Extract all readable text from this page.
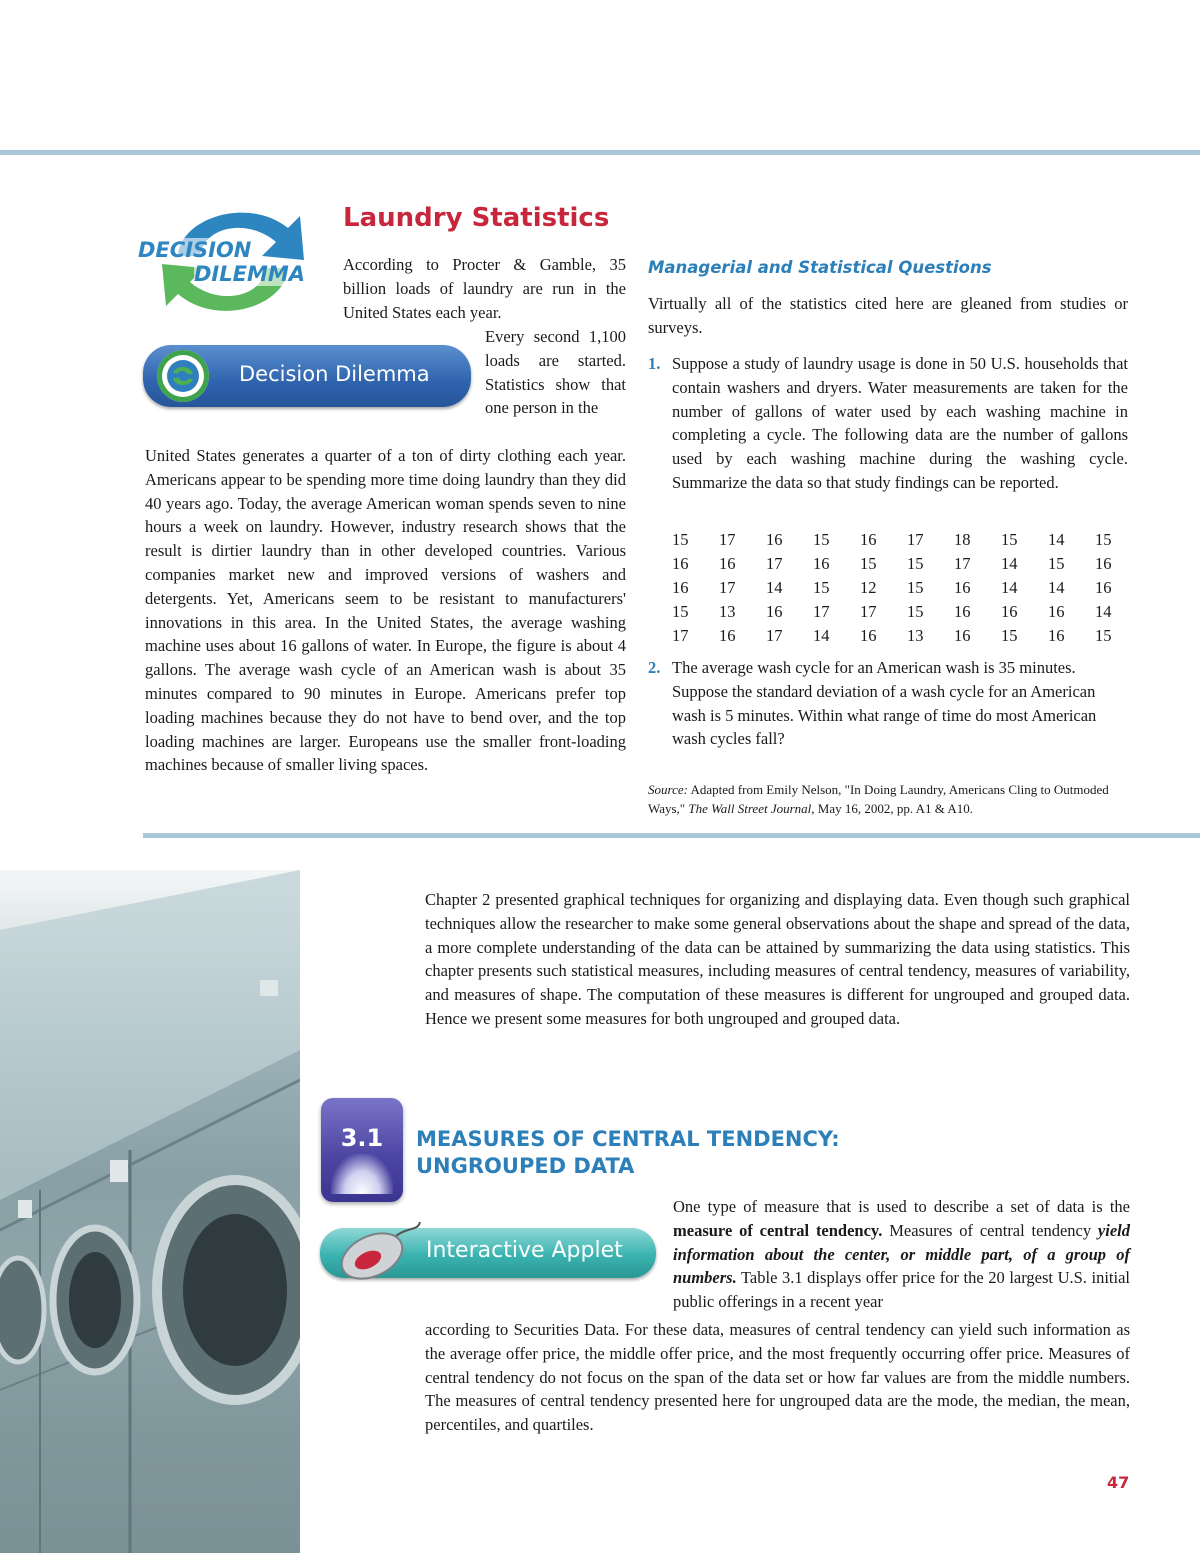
DECISION
DILEMMA
Laundry Statistics
Decision Dilemma
According to Procter & Gamble, 35 billion loads of laundry are run in the United States each year.
Every second 1,100 loads are started. Statistics show that one person in the
United States generates a quarter of a ton of dirty clothing each year. Americans appear to be spending more time doing laundry than they did 40 years ago. Today, the average American woman spends seven to nine hours a week on laundry. However, industry research shows that the result is dirtier laundry than in other developed countries. Various companies market new and improved versions of washers and detergents. Yet, Americans seem to be resistant to manufacturers' innovations in this area. In the United States, the average washing machine uses about 16 gallons of water. In Europe, the figure is about 4 gallons. The average wash cycle of an American wash is about 35 minutes compared to 90 minutes in Europe. Americans prefer top loading machines because they do not have to bend over, and the top loading machines are larger. Europeans use the smaller front-loading machines because of smaller living spaces.
Managerial and Statistical Questions
Virtually all of the statistics cited here are gleaned from studies or surveys.
1. Suppose a study of laundry usage is done in 50 U.S. households that contain washers and dryers. Water measurements are taken for the number of gallons of water used by each washing machine in completing a cycle. The following data are the number of gallons used by each washing machine during the washing cycle. Summarize the data so that study findings can be reported.
15	17	16	15	16	17	18	15	14	15
16	16	17	16	15	15	17	14	15	16
16	17	14	15	12	15	16	14	14	16
15	13	16	17	17	15	16	16	16	14
17	16	17	14	16	13	16	15	16	15
2. The average wash cycle for an American wash is 35 minutes. Suppose the standard deviation of a wash cycle for an American wash is 5 minutes. Within what range of time do most American wash cycles fall?
Source: Adapted from Emily Nelson, "In Doing Laundry, Americans Cling to Outmoded Ways," The Wall Street Journal, May 16, 2002, pp. A1 & A10.
Chapter 2 presented graphical techniques for organizing and displaying data. Even though such graphical techniques allow the researcher to make some general observations about the shape and spread of the data, a more complete understanding of the data can be attained by summarizing the data using statistics. This chapter presents such statistical measures, including measures of central tendency, measures of variability, and measures of shape. The computation of these measures is different for ungrouped and grouped data. Hence we present some measures for both ungrouped and grouped data.
3.1	MEASURES OF CENTRAL TENDENCY:
UNGROUPED DATA
Interactive Applet
One type of measure that is used to describe a set of data is the measure of central tendency. Measures of central tendency yield information about the center, or middle part, of a group of numbers. Table 3.1 displays offer price for the 20 largest U.S. initial public offerings in a recent year
according to Securities Data. For these data, measures of central tendency can yield such information as the average offer price, the middle offer price, and the most frequently occurring offer price. Measures of central tendency do not focus on the span of the data set or how far values are from the middle numbers. The measures of central tendency presented here for ungrouped data are the mode, the median, the mean, percentiles, and quartiles.
47
